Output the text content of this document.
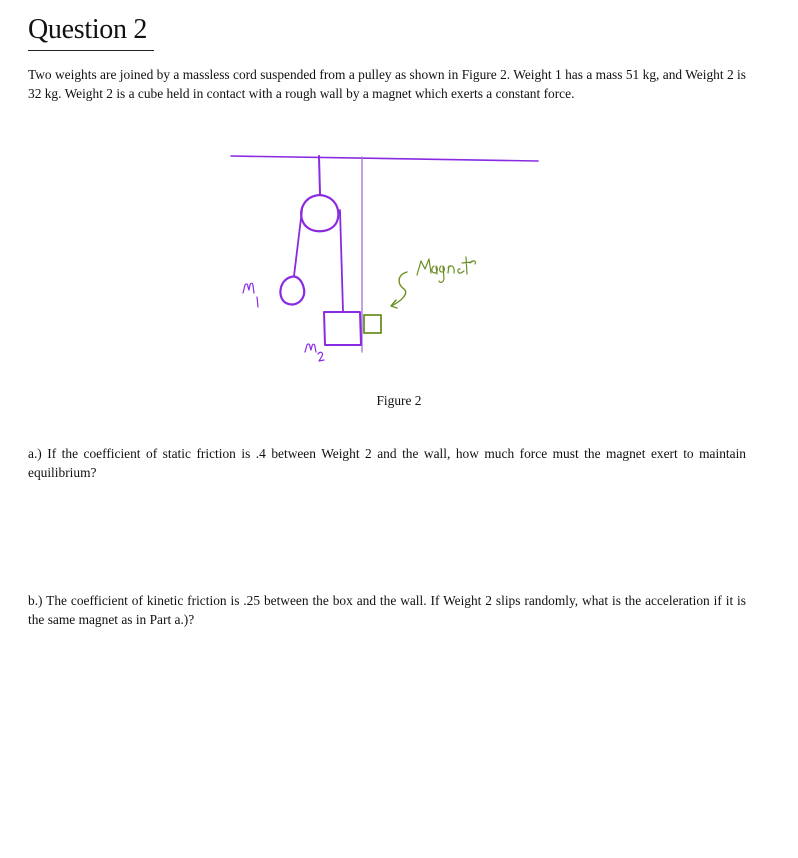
Question 2

Two weights are joined by a massless cord suspended from a pulley as shown in Figure 2. Weight 1 has a mass 51 kg, and Weight 2 is 32 kg. Weight 2 is a cube held in contact with a rough wall by a magnet which exerts a constant force.

Figure 2

a.) If the coefficient of static friction is .4 between Weight 2 and the wall, how much force must the magnet exert to maintain equilibrium?

b.) The coefficient of kinetic friction is .25 between the box and the wall. If Weight 2 slips randomly, what is the acceleration if it is the same magnet as in Part a.)?
